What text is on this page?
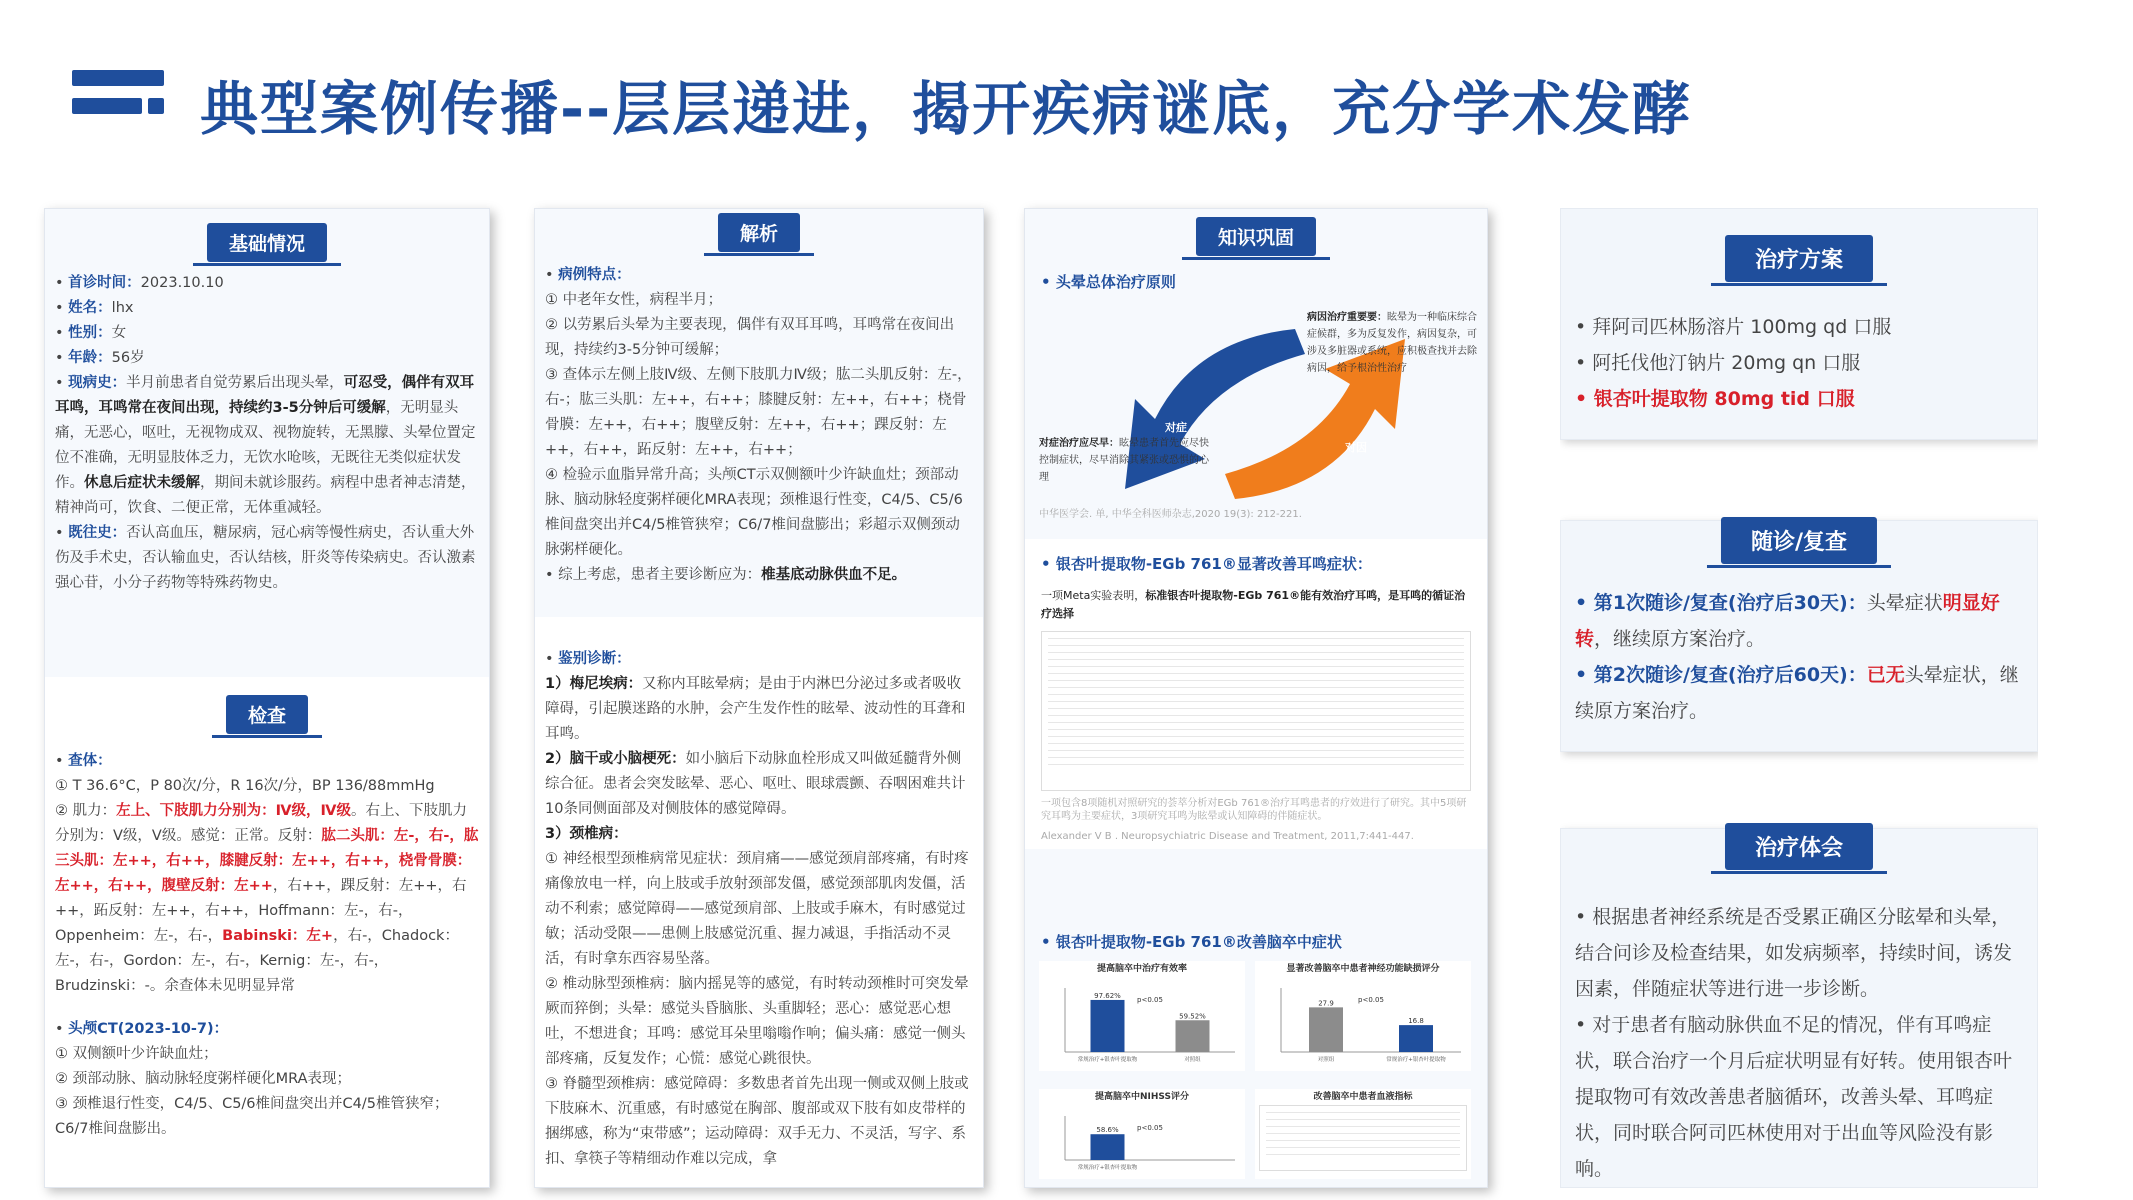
典型案例传播--层层递进，揭开疾病谜底，充分学术发酵
基础情况
• 首诊时间：2023.10.10
• 姓名：lhx
• 性别：女
• 年龄：56岁
• 现病史：半月前患者自觉劳累后出现头晕，可忍受，偶伴有双耳耳鸣，耳鸣常在夜间出现，持续约3-5分钟后可缓解，无明显头痛，无恶心，呕吐，无视物成双、视物旋转，无黑朦、头晕位置定位不准确，无明显肢体乏力，无饮水呛咳，无既往无类似症状发作。休息后症状未缓解，期间未就诊服药。病程中患者神志清楚，精神尚可，饮食、二便正常，无体重减轻。
• 既往史：否认高血压，糖尿病，冠心病等慢性病史，否认重大外伤及手术史，否认输血史，否认结核，肝炎等传染病史。否认激素强心苷，小分子药物等特殊药物史。
检查
• 查体：
① T 36.6°C，P 80次/分，R 16次/分，BP 136/88mmHg
② 肌力：左上、下肢肌力分别为：Ⅳ级，Ⅳ级。右上、下肢肌力分别为：Ⅴ级，Ⅴ级。感觉：正常。反射：肱二头肌：左-，右-，肱三头肌：左++，右++，膝腱反射：左++，右++，桡骨骨膜：左++，右++，腹壁反射：左++，右++，踝反射：左++，右++，跖反射：左++，右++，Hoffmann：左-，右-，Oppenheim：左-，右-，Babinski：左+，右-，Chadock：左-，右-，Gordon：左-，右-，Kernig：左-，右-，Brudzinski：-。余查体未见明显异常
• 头颅CT(2023-10-7)：
① 双侧额叶少许缺血灶；
② 颈部动脉、脑动脉轻度粥样硬化MRA表现；
③ 颈椎退行性变，C4/5、C5/6椎间盘突出并C4/5椎管狭窄；C6/7椎间盘膨出。
解析
• 病例特点：
① 中老年女性，病程半月；
② 以劳累后头晕为主要表现，偶伴有双耳耳鸣，耳鸣常在夜间出现，持续约3-5分钟可缓解；
③ 查体示左侧上肢Ⅳ级、左侧下肢肌力Ⅳ级；肱二头肌反射：左-，右-；肱三头肌：左++，右++；膝腱反射：左++，右++；桡骨骨膜：左++，右++；腹壁反射：左++，右++；踝反射：左++，右++，跖反射：左++，右++；
④ 检验示血脂异常升高；头颅CT示双侧额叶少许缺血灶；颈部动脉、脑动脉轻度粥样硬化MRA表现；颈椎退行性变，C4/5、C5/6椎间盘突出并C4/5椎管狭窄；C6/7椎间盘膨出；彩超示双侧颈动脉粥样硬化。
• 综上考虑，患者主要诊断应为：椎基底动脉供血不足。
• 鉴别诊断：
1）梅尼埃病：又称内耳眩晕病；是由于内淋巴分泌过多或者吸收障碍，引起膜迷路的水肿，会产生发作性的眩晕、波动性的耳聋和耳鸣。
2）脑干或小脑梗死：如小脑后下动脉血栓形成又叫做延髓背外侧综合征。患者会突发眩晕、恶心、呕吐、眼球震颤、吞咽困难共计10条同侧面部及对侧肢体的感觉障碍。
3）颈椎病：
① 神经根型颈椎病常见症状：颈肩痛——感觉颈肩部疼痛，有时疼痛像放电一样，向上肢或手放射颈部发僵，感觉颈部肌肉发僵，活动不利索；感觉障碍——感觉颈肩部、上肢或手麻木，有时感觉过敏；活动受限——患侧上肢感觉沉重、握力减退，手指活动不灵活，有时拿东西容易坠落。
② 椎动脉型颈椎病：脑内摇晃等的感觉，有时转动颈椎时可突发晕厥而猝倒；头晕：感觉头昏脑胀、头重脚轻；恶心：感觉恶心想吐，不想进食；耳鸣：感觉耳朵里嗡嗡作响；偏头痛：感觉一侧头部疼痛，反复发作；心慌：感觉心跳很快。
③ 脊髓型颈椎病：感觉障碍：多数患者首先出现一侧或双侧上肢或下肢麻木、沉重感，有时感觉在胸部、腹部或双下肢有如皮带样的捆绑感，称为“束带感”；运动障碍：双手无力、不灵活，写字、系扣、拿筷子等精细动作难以完成，拿
知识巩固
• 头晕总体治疗原则
对症
对因
病因治疗重要要：眩晕为一种临床综合症候群，多为反复发作，病因复杂，可涉及多脏器或系统，应积极查找并去除病因，给予根治性治疗
对症治疗应尽早：眩晕患者首先应尽快控制症状，尽早消除其紧张或恐惧的心理
中华医学会. 单, 中华全科医师杂志,2020 19(3): 212-221.
• 银杏叶提取物-EGb 761®显著改善耳鸣症状：
一项Meta实验表明，标准银杏叶提取物-EGb 761®能有效治疗耳鸣，是耳鸣的循证治疗选择
一项包含8项随机对照研究的荟萃分析对EGb 761®治疗耳鸣患者的疗效进行了研究。其中5项研究耳鸣为主要症状，3项研究耳鸣为眩晕或认知障碍的伴随症状。
Alexander V B . Neuropsychiatric Disease and Treatment, 2011,7:441-447.
• 银杏叶提取物-EGb 761®改善脑卒中症状
提高脑卒中治疗有效率
97.62%
常规治疗+银杏叶提取物
59.52%
对照组
p<0.05
显著改善脑卒中患者神经功能缺损评分
27.9
对照组
16.8
常规治疗+银杏叶提取物
p<0.05
提高脑卒中NIHSS评分
58.6%
常规治疗+银杏叶提取物
p<0.05
改善脑卒中患者血液指标
治疗方案
• 拜阿司匹林肠溶片 100mg qd 口服
• 阿托伐他汀钠片 20mg qn 口服
• 银杏叶提取物 80mg tid 口服
随诊/复查
• 第1次随诊/复查(治疗后30天)：头晕症状明显好转，继续原方案治疗。
• 第2次随诊/复查(治疗后60天)：已无头晕症状，继续原方案治疗。
治疗体会
• 根据患者神经系统是否受累正确区分眩晕和头晕，结合问诊及检查结果，如发病频率，持续时间，诱发因素，伴随症状等进行进一步诊断。
• 对于患者有脑动脉供血不足的情况，伴有耳鸣症状，联合治疗一个月后症状明显有好转。使用银杏叶提取物可有效改善患者脑循环，改善头晕、耳鸣症状，同时联合阿司匹林使用对于出血等风险没有影响。
